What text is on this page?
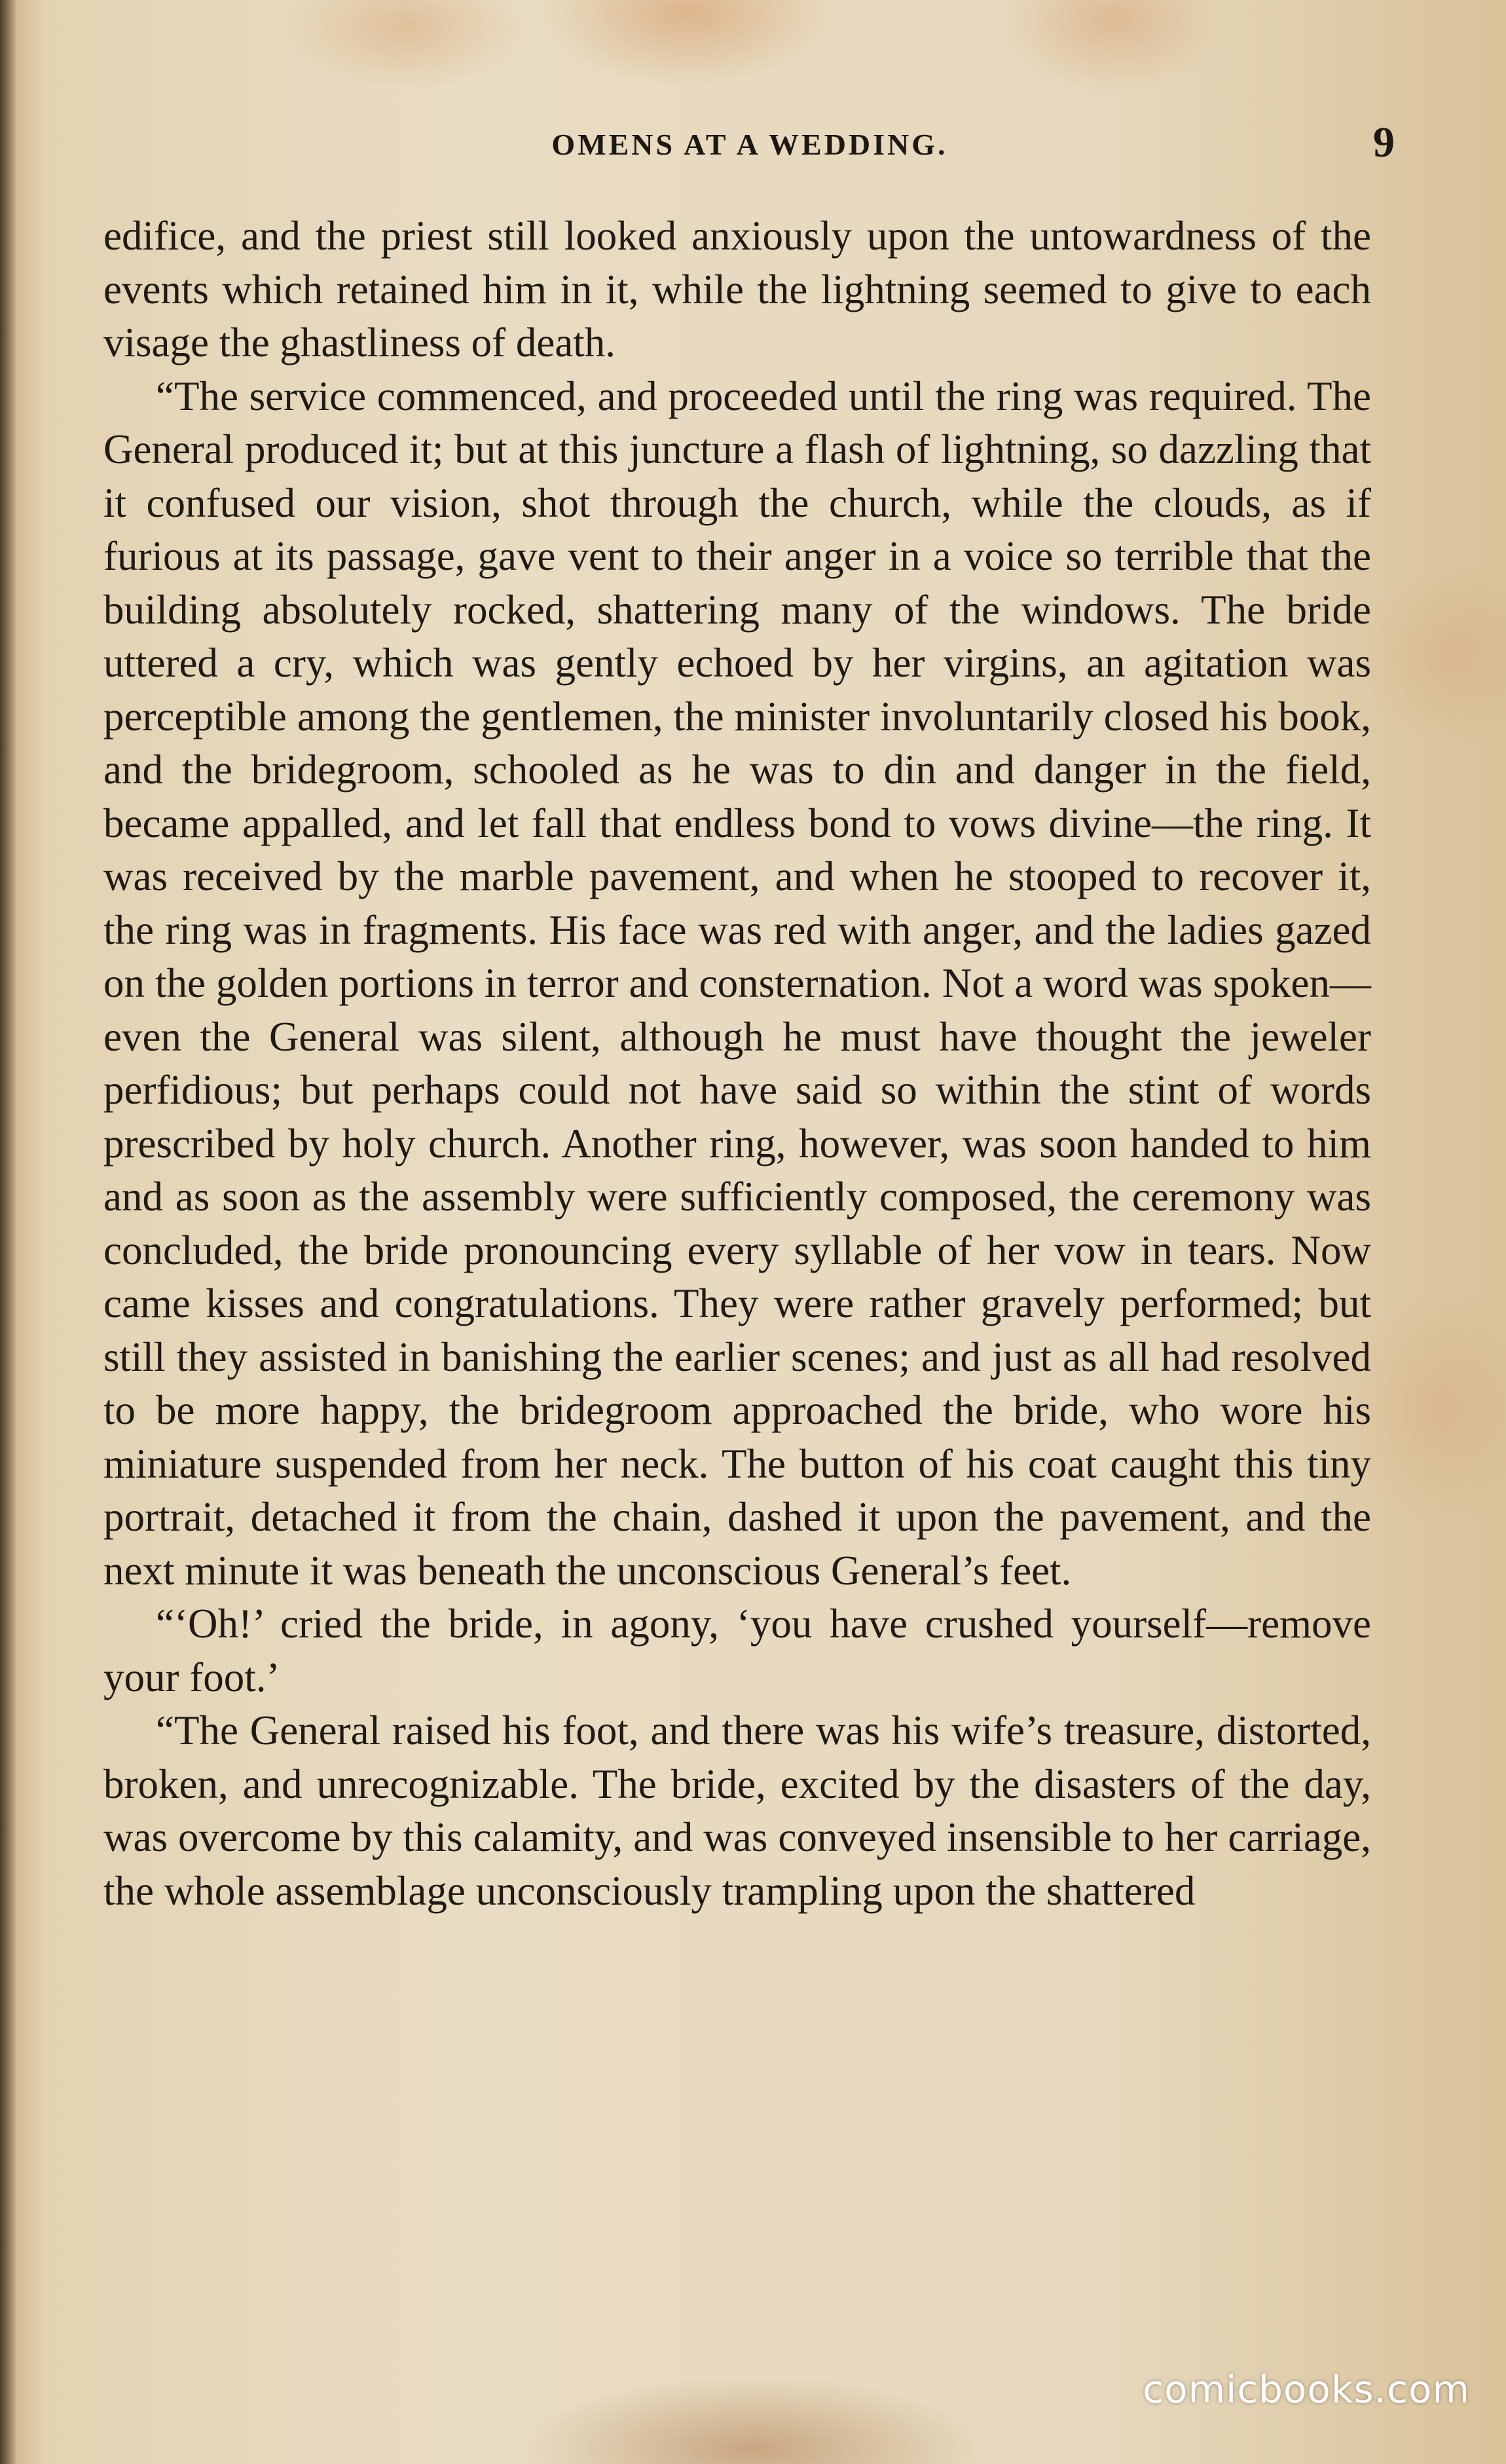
OMENS AT A WEDDING.	9

edifice, and the priest still looked anxiously upon the untowardness of the events which retained him in it, while the lightning seemed to give to each visage the ghastliness of death.

“The service commenced, and proceeded until the ring was required. The General produced it; but at this juncture a flash of lightning, so dazzling that it confused our vision, shot through the church, while the clouds, as if furious at its passage, gave vent to their anger in a voice so terrible that the building absolutely rocked, shattering many of the windows. The bride uttered a cry, which was gently echoed by her virgins, an agitation was perceptible among the gentlemen, the minister involuntarily closed his book, and the bridegroom, schooled as he was to din and danger in the field, became appalled, and let fall that endless bond to vows divine—the ring. It was received by the marble pavement, and when he stooped to recover it, the ring was in fragments. His face was red with anger, and the ladies gazed on the golden portions in terror and consternation. Not a word was spoken—even the General was silent, although he must have thought the jeweler perfidious; but perhaps could not have said so within the stint of words prescribed by holy church. Another ring, however, was soon handed to him and as soon as the assembly were sufficiently composed, the ceremony was concluded, the bride pronouncing every syllable of her vow in tears. Now came kisses and congratulations. They were rather gravely performed; but still they assisted in banishing the earlier scenes; and just as all had resolved to be more happy, the bridegroom approached the bride, who wore his miniature suspended from her neck. The button of his coat caught this tiny portrait, detached it from the chain, dashed it upon the pavement, and the next minute it was beneath the unconscious General’s feet.

“‘Oh!’ cried the bride, in agony, ‘you have crushed yourself—remove your foot.’

“The General raised his foot, and there was his wife’s treasure, distorted, broken, and unrecognizable. The bride, excited by the disasters of the day, was overcome by this calamity, and was conveyed insensible to her carriage, the whole assemblage unconsciously trampling upon the shattered

comicbooks.com
